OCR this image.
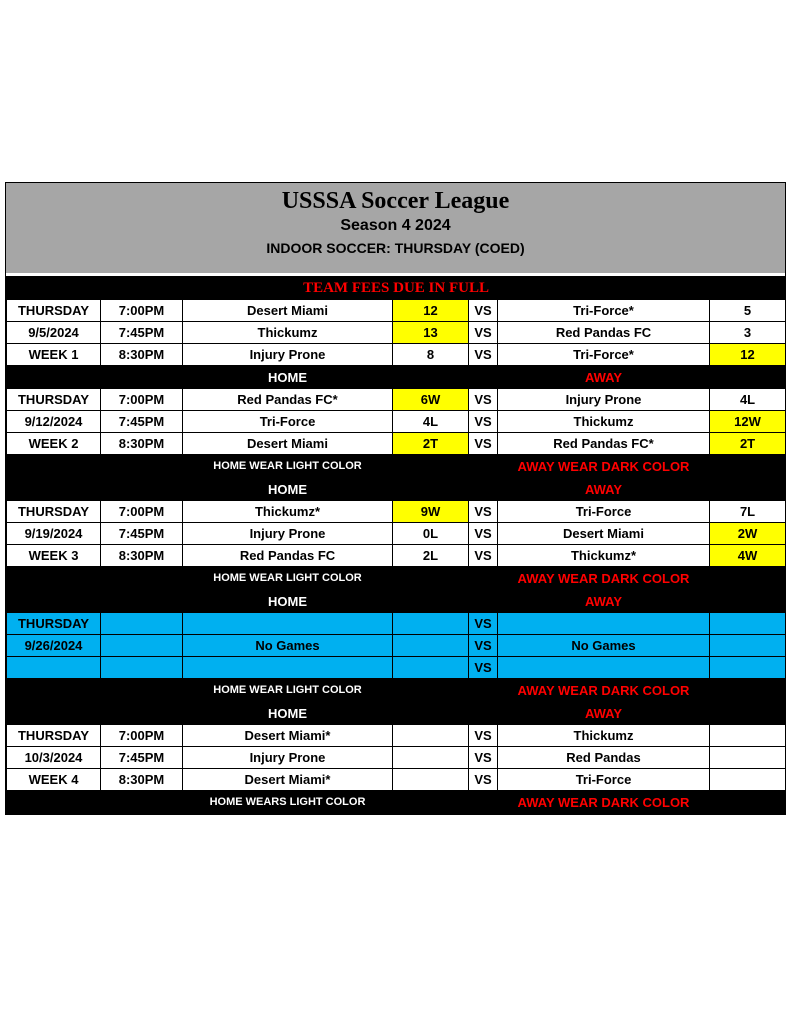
USSSA Soccer League
Season 4 2024
INDOOR SOCCER: THURSDAY (COED)
TEAM FEES DUE IN FULL						
THURSDAY	7:00PM	Desert Miami	12	VS	Tri-Force*	5
9/5/2024	7:45PM	Thickumz	13	VS	Red Pandas FC	3
WEEK 1	8:30PM	Injury Prone	8	VS	Tri-Force*	12
		HOME			AWAY	
THURSDAY	7:00PM	Red Pandas FC*	6W	VS	Injury Prone	4L
9/12/2024	7:45PM	Tri-Force	4L	VS	Thickumz	12W
WEEK 2	8:30PM	Desert Miami	2T	VS	Red Pandas FC*	2T
		HOME WEAR LIGHT COLOR			AWAY WEAR DARK COLOR	
		HOME			AWAY	
THURSDAY	7:00PM	Thickumz*	9W	VS	Tri-Force	7L
9/19/2024	7:45PM	Injury Prone	0L	VS	Desert Miami	2W
WEEK 3	8:30PM	Red Pandas FC	2L	VS	Thickumz*	4W
		HOME WEAR LIGHT COLOR			AWAY WEAR DARK COLOR	
		HOME			AWAY	
THURSDAY				VS		
9/26/2024		No Games		VS	No Games	
				VS		
		HOME WEAR LIGHT COLOR			AWAY WEAR DARK COLOR	
		HOME			AWAY	
THURSDAY	7:00PM	Desert Miami*		VS	Thickumz	
10/3/2024	7:45PM	Injury Prone		VS	Red Pandas	
WEEK 4	8:30PM	Desert Miami*		VS	Tri-Force	
		HOME WEARS LIGHT COLOR			AWAY WEAR DARK COLOR	
